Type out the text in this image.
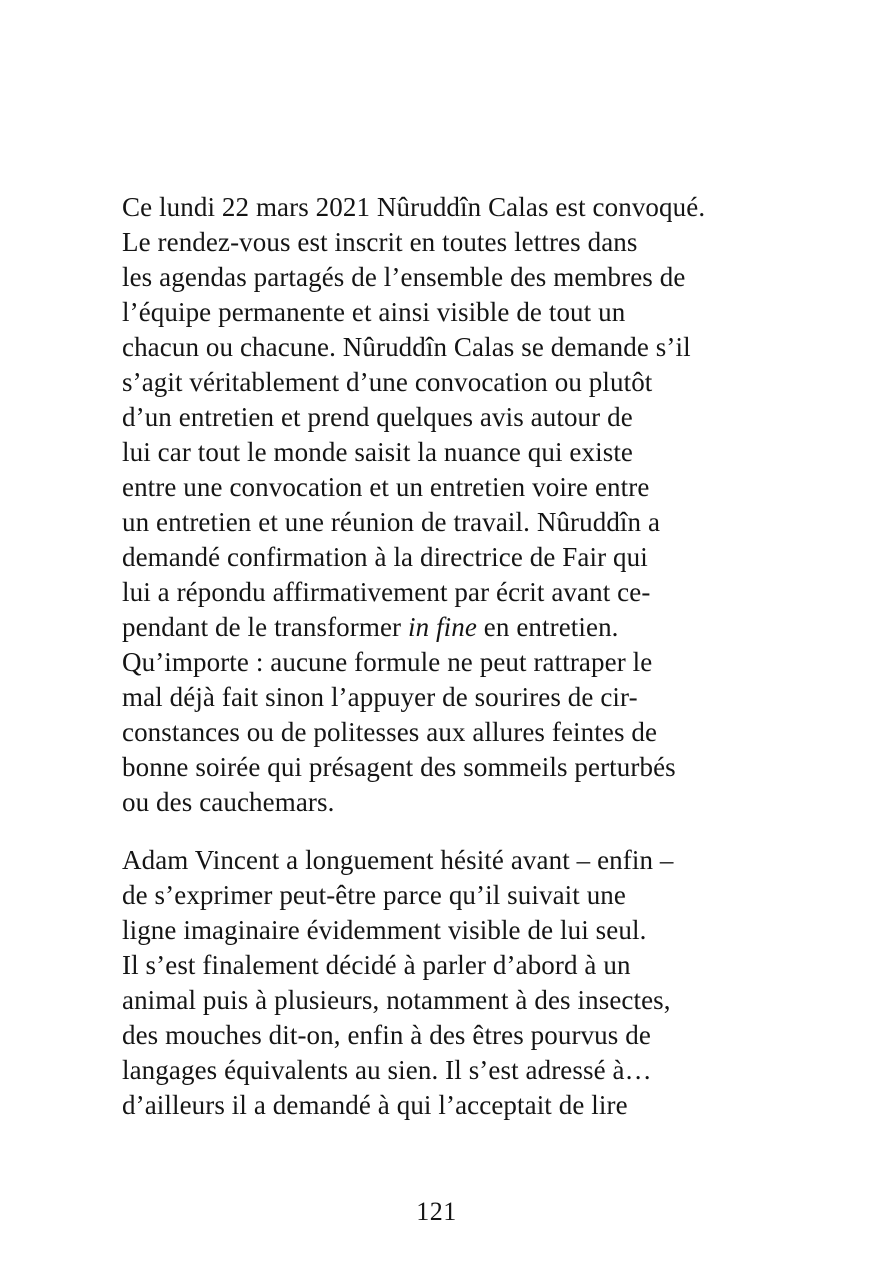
Ce lundi 22 mars 2021 Nûruddîn Calas est convoqué.
Le rendez-vous est inscrit en toutes lettres dans
les agendas partagés de l’ensemble des membres de
l’équipe permanente et ainsi visible de tout un
chacun ou chacune. Nûruddîn Calas se demande s’il
s’agit véritablement d’une convocation ou plutôt
d’un entretien et prend quelques avis autour de
lui car tout le monde saisit la nuance qui existe
entre une convocation et un entretien voire entre
un entretien et une réunion de travail. Nûruddîn a
demandé confirmation à la directrice de Fair qui
lui a répondu affirmativement par écrit avant ce-
pendant de le transformer in fine en entretien.
Qu’importe : aucune formule ne peut rattraper le
mal déjà fait sinon l’appuyer de sourires de cir-
constances ou de politesses aux allures feintes de
bonne soirée qui présagent des sommeils perturbés
ou des cauchemars.
Adam Vincent a longuement hésité avant – enfin –
de s’exprimer peut-être parce qu’il suivait une
ligne imaginaire évidemment visible de lui seul.
Il s’est finalement décidé à parler d’abord à un
animal puis à plusieurs, notamment à des insectes,
des mouches dit-on, enfin à des êtres pourvus de
langages équivalents au sien. Il s’est adressé à…
d’ailleurs il a demandé à qui l’acceptait de lire
121
